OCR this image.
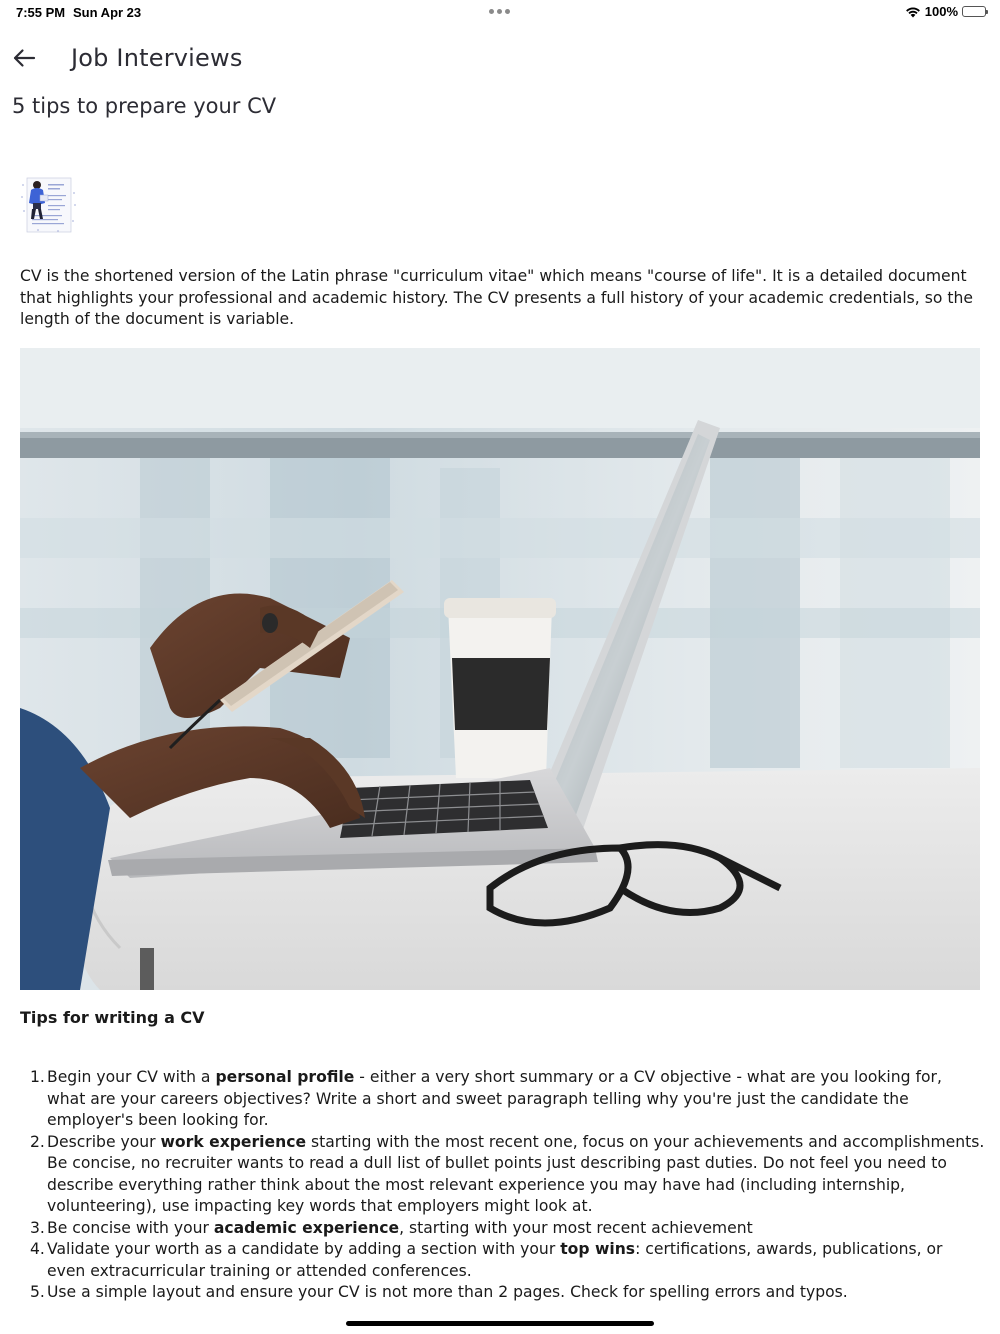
7:55 PM Sun Apr 23	100%
Job Interviews
5 tips to prepare your CV

CV is the shortened version of the Latin phrase "curriculum vitae" which means "course of life". It is a detailed document that highlights your professional and academic history. The CV presents a full history of your academic credentials, so the length of the document is variable.

Tips for writing a CV
1. Begin your CV with a personal profile - either a very short summary or a CV objective - what are you looking for, what are your careers objectives? Write a short and sweet paragraph telling why you're just the candidate the employer's been looking for.
2. Describe your work experience starting with the most recent one, focus on your achievements and accomplishments. Be concise, no recruiter wants to read a dull list of bullet points just describing past duties. Do not feel you need to describe everything rather think about the most relevant experience you may have had (including internship, volunteering), use impacting key words that employers might look at.
3. Be concise with your academic experience, starting with your most recent achievement
4. Validate your worth as a candidate by adding a section with your top wins: certifications, awards, publications, or even extracurricular training or attended conferences.
5. Use a simple layout and ensure your CV is not more than 2 pages. Check for spelling errors and typos.
